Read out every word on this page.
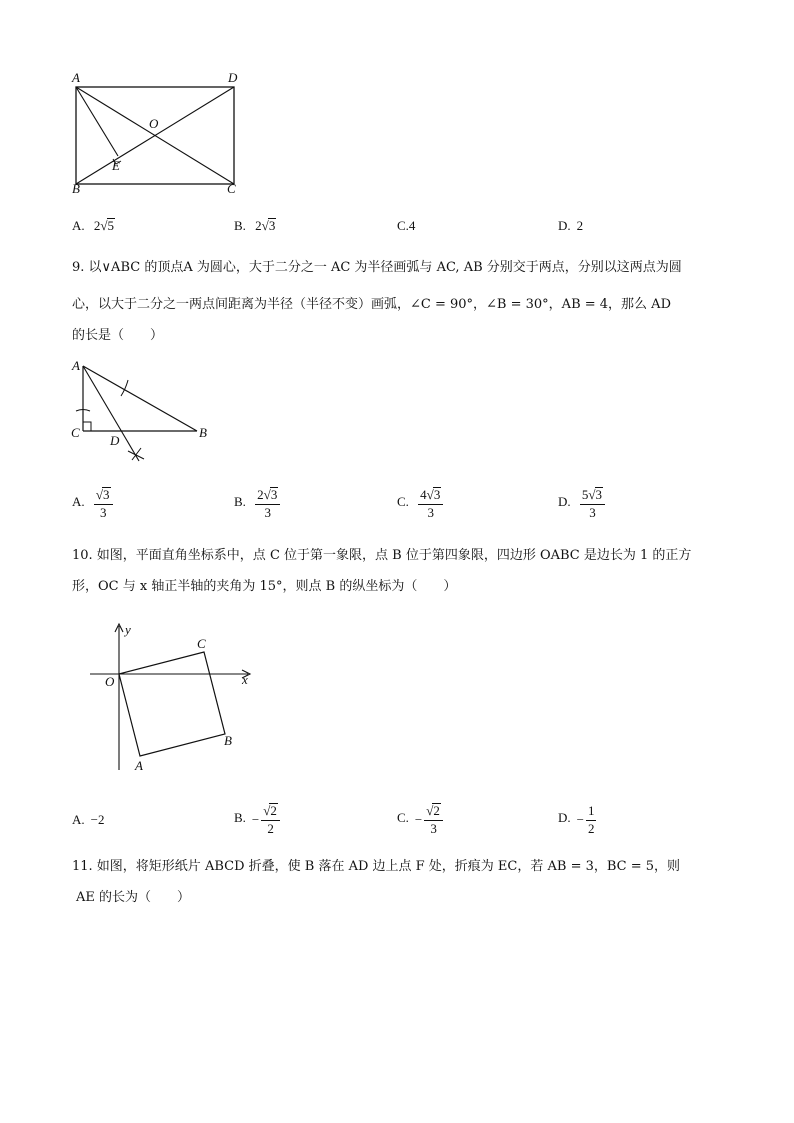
A	D
O
E
B	C
A. 2√5	B. 2√3	C.4	D. 2
9. 以∨ABC 的顶点A 为圆心，大于二分之一 AC 为半径画弧与 AC, AB 分别交于两点，分别以这两点为圆
心，以大于二分之一两点间距离为半径（半径不变）画弧，∠C = 90°，∠B = 30°，AB = 4，那么 AD
的长是（　　）
A
C
D
B
A. $\frac{√3}{3}$	B. $\frac{2√3}{3}$	C. $\frac{4√3}{3}$	D. $\frac{5√3}{3}$
10. 如图，平面直角坐标系中，点 C 位于第一象限，点 B 位于第四象限，四边形 OABC 是边长为 1 的正方
形，OC 与 x 轴正半轴的夹角为 15°，则点 B 的纵坐标为（　　）
y
x
O
C
B
A
A. −2	B. − $\frac{√2}{2}$	C. − $\frac{√2}{3}$	D. − $\frac{1}{2}$
11. 如图，将矩形纸片 ABCD 折叠，使 B 落在 AD 边上点 F 处，折痕为 EC，若 AB = 3，BC = 5，则
AE 的长为（　　）
